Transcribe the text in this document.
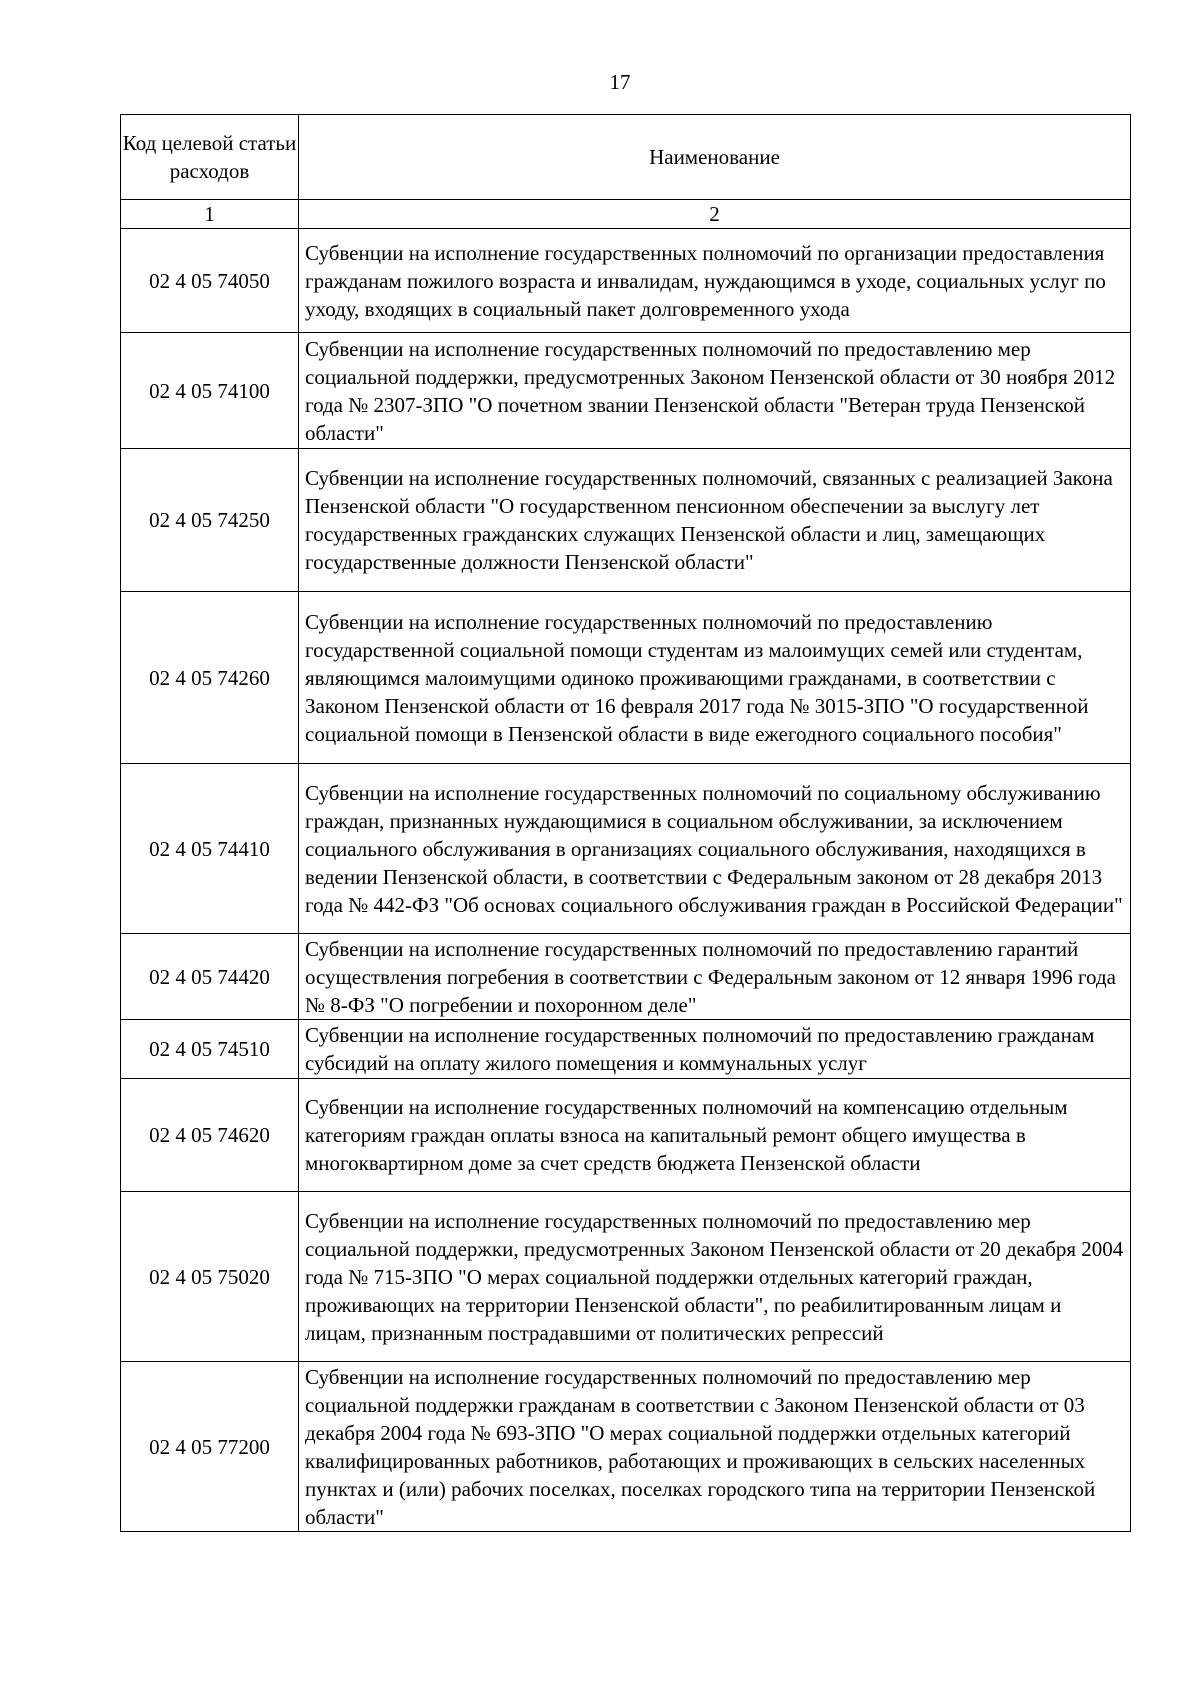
17
Код целевой статьи расходов	Наименование
1	2
02 4 05 74050	Субвенции на исполнение государственных полномочий по организации предоставления гражданам пожилого возраста и инвалидам, нуждающимся в уходе, социальных услуг по уходу, входящих в социальный пакет долговременного ухода
02 4 05 74100	Субвенции на исполнение государственных полномочий по предоставлению мер социальной поддержки, предусмотренных Законом Пензенской области от 30 ноября 2012 года № 2307-ЗПО "О почетном звании Пензенской области "Ветеран труда Пензенской области"
02 4 05 74250	Субвенции на исполнение государственных полномочий, связанных с реализацией Закона Пензенской области "О государственном пенсионном обеспечении за выслугу лет государственных гражданских служащих Пензенской области и лиц, замещающих государственные должности Пензенской области"
02 4 05 74260	Субвенции на исполнение государственных полномочий по предоставлению государственной социальной помощи студентам из малоимущих семей или студентам, являющимся малоимущими одиноко проживающими гражданами, в соответствии с Законом Пензенской области от 16 февраля 2017 года № 3015-ЗПО "О государственной социальной помощи в Пензенской области в виде ежегодного социального пособия"
02 4 05 74410	Субвенции на исполнение государственных полномочий по социальному обслуживанию граждан, признанных нуждающимися в социальном обслуживании, за исключением социального обслуживания в организациях социального обслуживания, находящихся в ведении Пензенской области, в соответствии с Федеральным законом от 28 декабря 2013 года № 442-ФЗ "Об основах социального обслуживания граждан в Российской Федерации"
02 4 05 74420	Субвенции на исполнение государственных полномочий по предоставлению гарантий осуществления погребения в соответствии с Федеральным законом от 12 января 1996 года № 8-ФЗ "О погребении и похоронном деле"
02 4 05 74510	Субвенции на исполнение государственных полномочий по предоставлению гражданам субсидий на оплату жилого помещения и коммунальных услуг
02 4 05 74620	Субвенции на исполнение государственных полномочий на компенсацию отдельным категориям граждан оплаты взноса на капитальный ремонт общего имущества в многоквартирном доме за счет средств бюджета Пензенской области
02 4 05 75020	Субвенции на исполнение государственных полномочий по предоставлению мер социальной поддержки, предусмотренных Законом Пензенской области от 20 декабря 2004 года № 715-ЗПО "О мерах социальной поддержки отдельных категорий граждан, проживающих на территории Пензенской области", по реабилитированным лицам и лицам, признанным пострадавшими от политических репрессий
02 4 05 77200	Субвенции на исполнение государственных полномочий по предоставлению мер социальной поддержки гражданам в соответствии с Законом Пензенской области от 03 декабря 2004 года № 693-ЗПО "О мерах социальной поддержки отдельных категорий квалифицированных работников, работающих и проживающих в сельских населенных пунктах и (или) рабочих поселках, поселках городского типа на территории Пензенской области"
